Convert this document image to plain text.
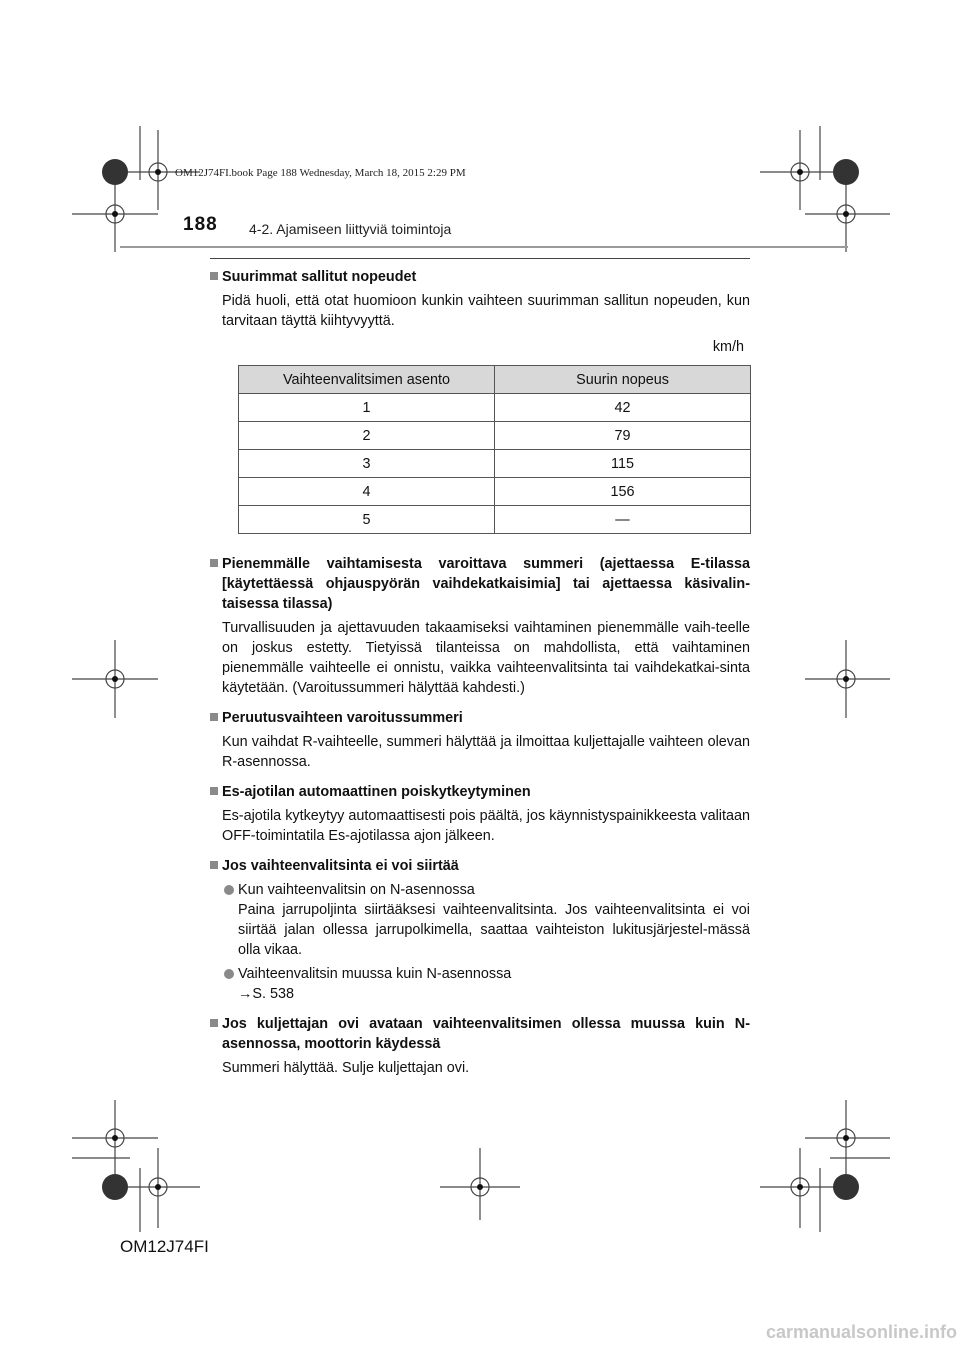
OM12J74FI.book Page 188 Wednesday, March 18, 2015 2:29 PM
188 4-2. Ajamiseen liittyviä toimintoja
Suurimmat sallitut nopeudet
Pidä huoli, että otat huomioon kunkin vaihteen suurimman sallitun nopeuden, kun tarvitaan täyttä kiihtyvyyttä.
km/h
Vaihteenvalitsimen asento	Suurin nopeus
1	42
2	79
3	115
4	156
5	—
Pienemmälle vaihtamisesta varoittava summeri (ajettaessa E-tilassa [käytettäessä ohjauspyörän vaihdekatkaisimia] tai ajettaessa käsivalin-taisessa tilassa)
Turvallisuuden ja ajettavuuden takaamiseksi vaihtaminen pienemmälle vaih-teelle on joskus estetty. Tietyissä tilanteissa on mahdollista, että vaihtaminen pienemmälle vaihteelle ei onnistu, vaikka vaihteenvalitsinta tai vaihdekatkai-sinta käytetään. (Varoitussummeri hälyttää kahdesti.)
Peruutusvaihteen varoitussummeri
Kun vaihdat R-vaihteelle, summeri hälyttää ja ilmoittaa kuljettajalle vaihteen olevan R-asennossa.
Es-ajotilan automaattinen poiskytkeytyminen
Es-ajotila kytkeytyy automaattisesti pois päältä, jos käynnistyspainikkeesta valitaan OFF-toimintatila Es-ajotilassa ajon jälkeen.
Jos vaihteenvalitsinta ei voi siirtää
Kun vaihteenvalitsin on N-asennossa
Paina jarrupoljinta siirtääksesi vaihteenvalitsinta. Jos vaihteenvalitsinta ei voi siirtää jalan ollessa jarrupolkimella, saattaa vaihteiston lukitusjärjestel-mässä olla vikaa.
Vaihteenvalitsin muussa kuin N-asennossa
→S. 538
Jos kuljettajan ovi avataan vaihteenvalitsimen ollessa muussa kuin N-asennossa, moottorin käydessä
Summeri hälyttää. Sulje kuljettajan ovi.
OM12J74FI
carmanualsonline.info
